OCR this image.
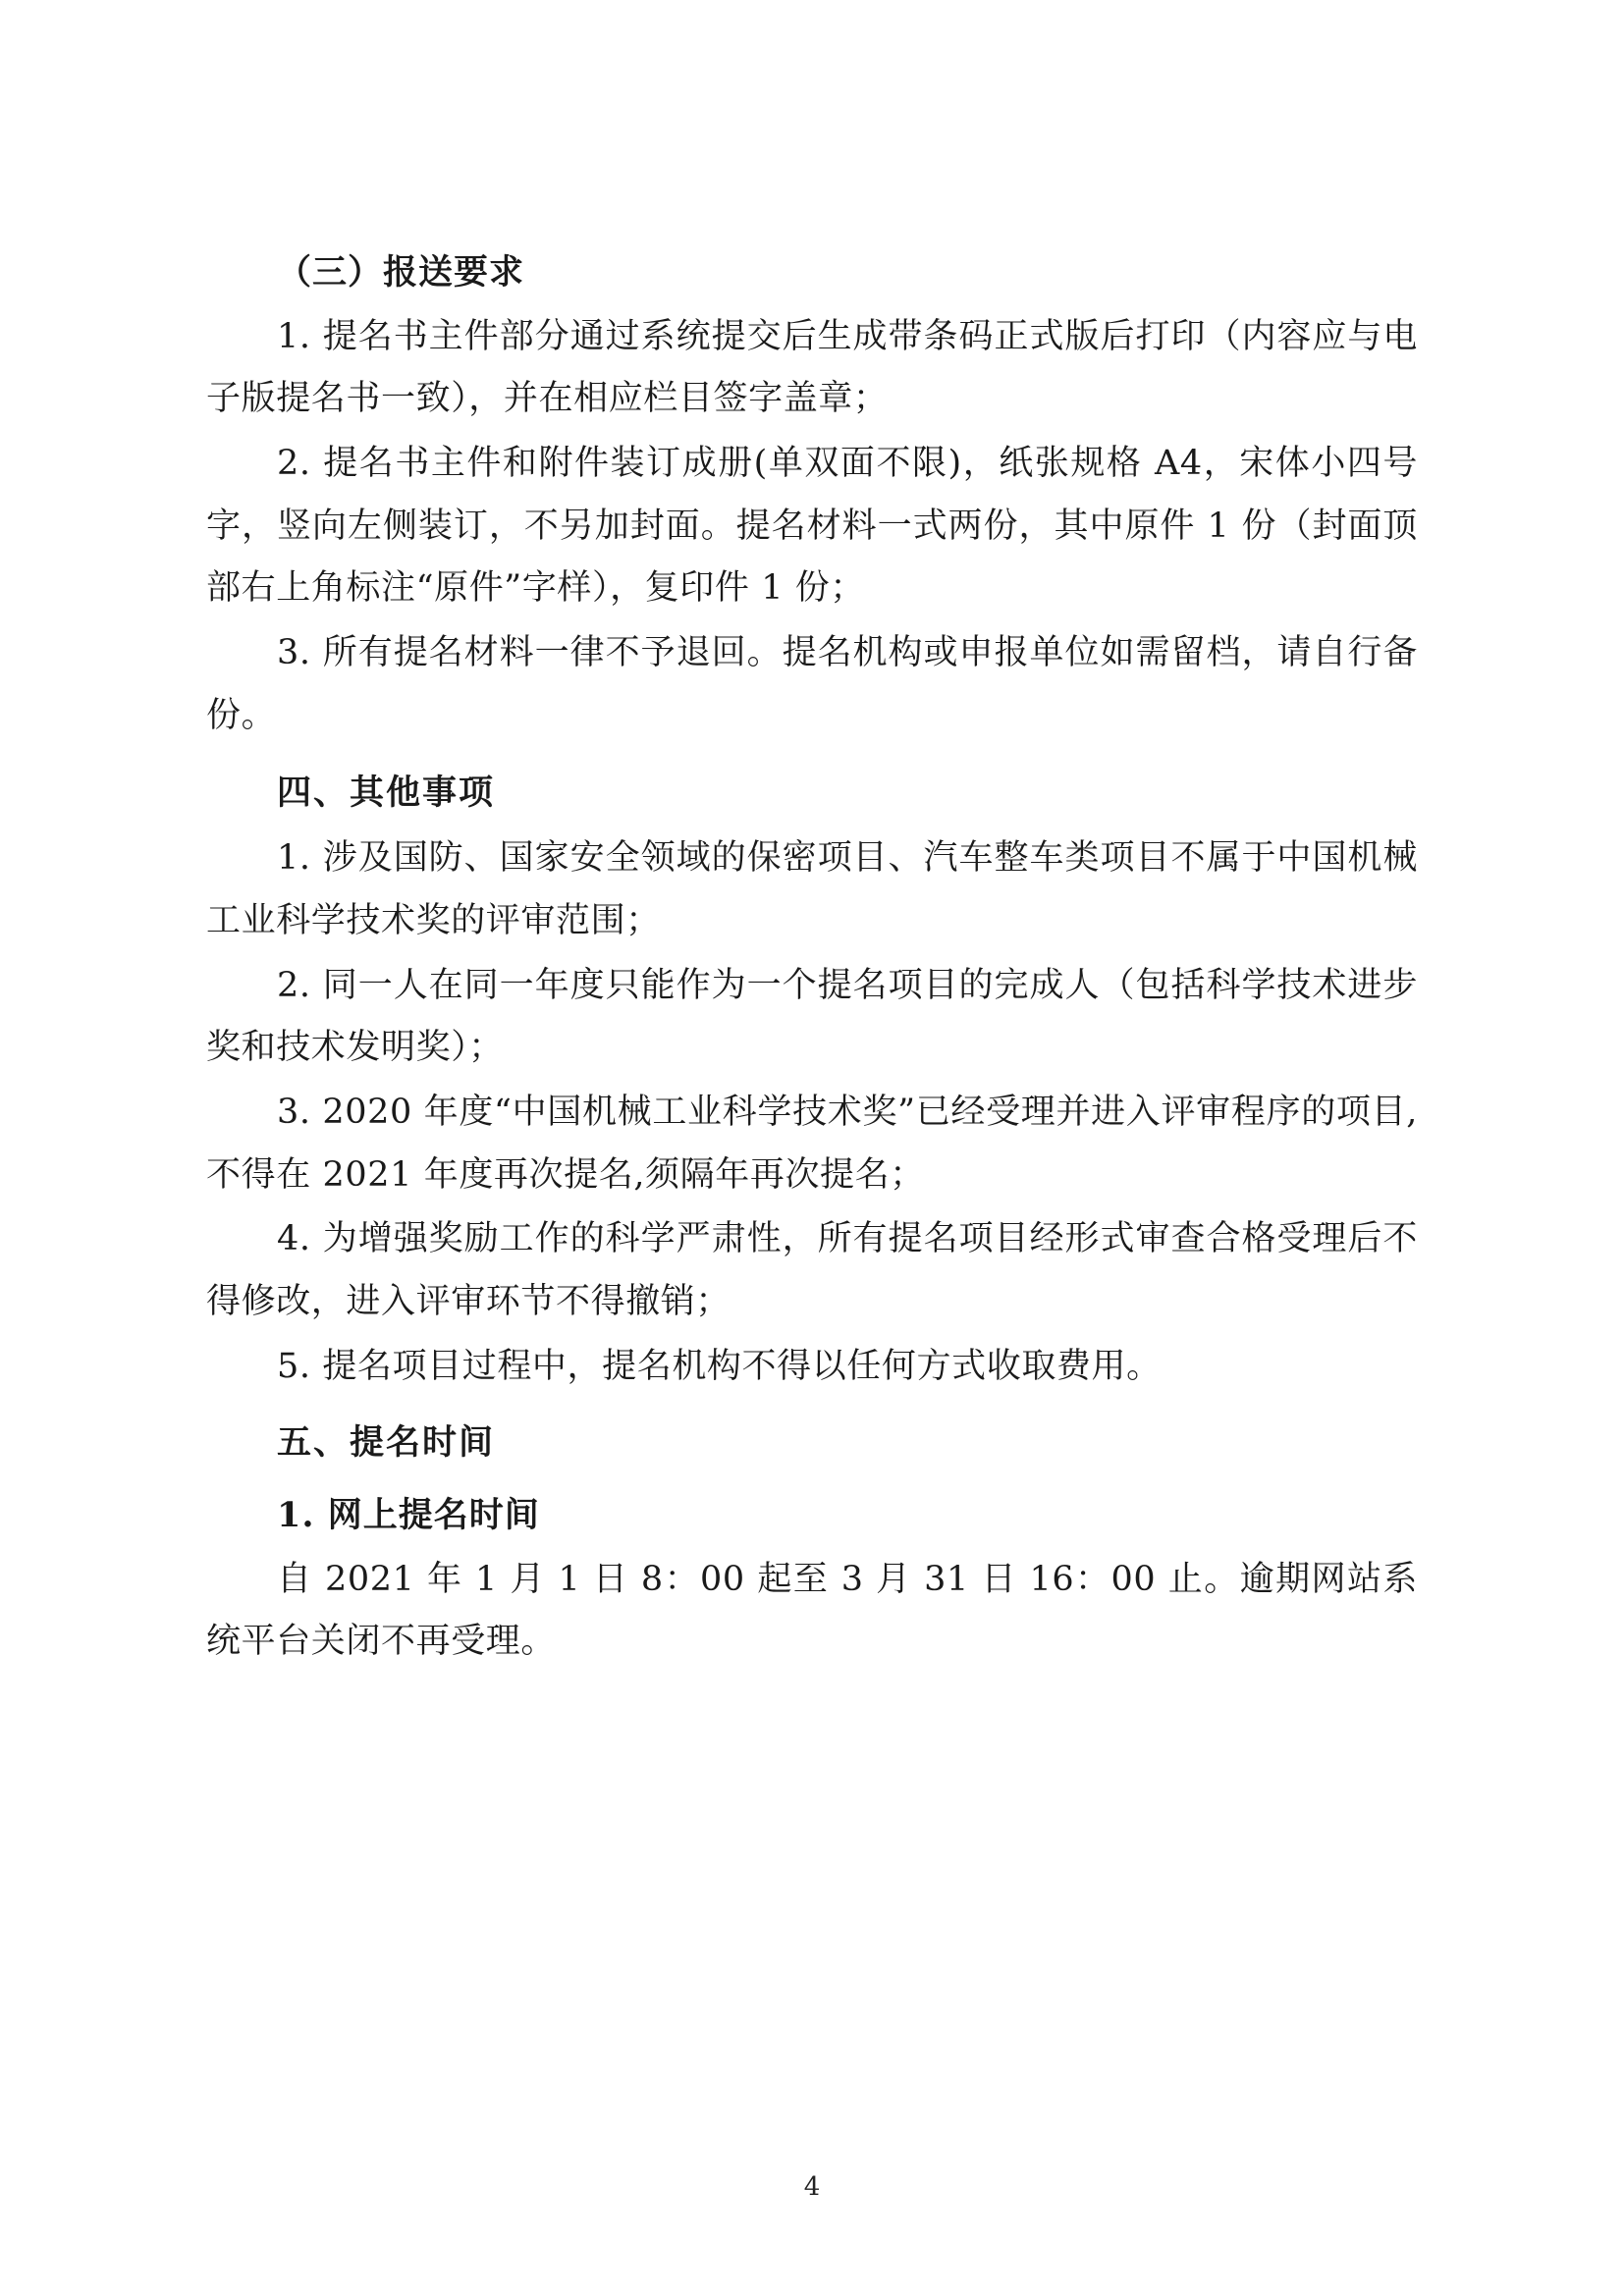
（三）报送要求

1. 提名书主件部分通过系统提交后生成带条码正式版后打印（内容应与电子版提名书一致），并在相应栏目签字盖章；

2. 提名书主件和附件装订成册(单双面不限)，纸张规格 A4，宋体小四号字，竖向左侧装订，不另加封面。提名材料一式两份，其中原件 1 份（封面顶部右上角标注“原件”字样），复印件 1 份；

3. 所有提名材料一律不予退回。提名机构或申报单位如需留档，请自行备份。

四、其他事项

1. 涉及国防、国家安全领域的保密项目、汽车整车类项目不属于中国机械工业科学技术奖的评审范围；

2. 同一人在同一年度只能作为一个提名项目的完成人（包括科学技术进步奖和技术发明奖）；

3. 2020 年度“中国机械工业科学技术奖”已经受理并进入评审程序的项目,不得在 2021 年度再次提名,须隔年再次提名；

4. 为增强奖励工作的科学严肃性，所有提名项目经形式审查合格受理后不得修改，进入评审环节不得撤销；

5. 提名项目过程中，提名机构不得以任何方式收取费用。

五、提名时间

1. 网上提名时间

自 2021 年 1 月 1 日 8：00 起至 3 月 31 日 16：00 止。逾期网站系统平台关闭不再受理。

4
